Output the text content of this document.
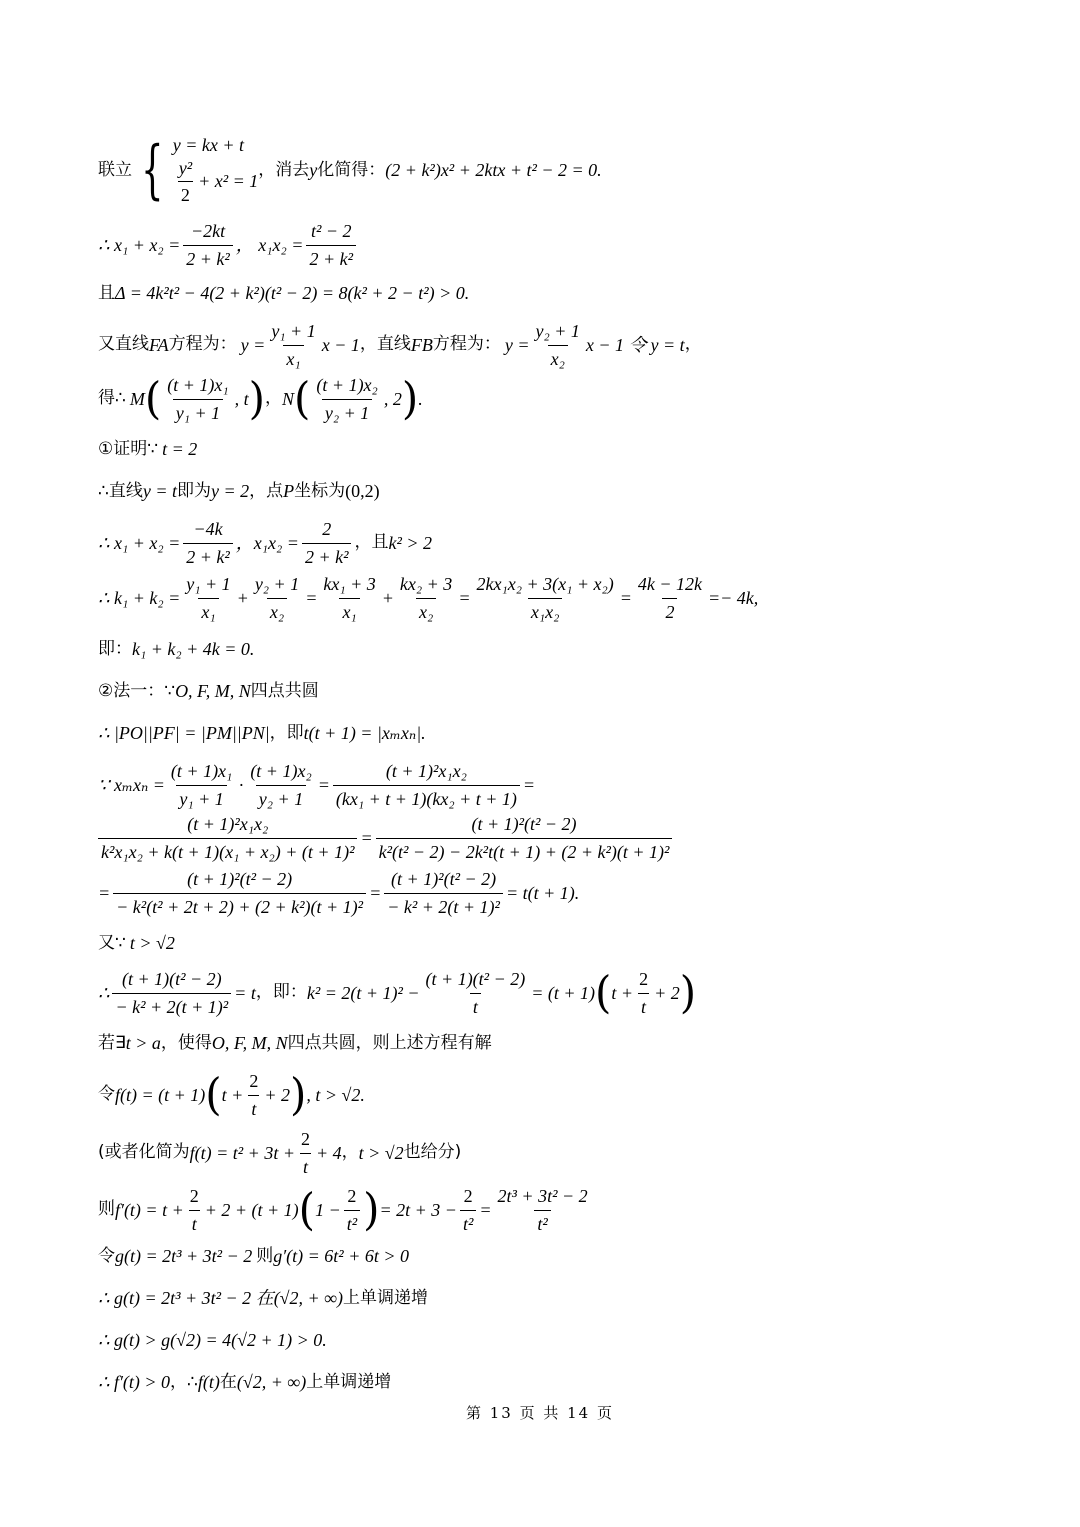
联立 { y = kx + t
$\frac{\text{y²}}{2} + x^2 = 1$
，消去 y 化简得： (2 + k²)x² + 2ktx + t² − 2 = 0.
∴ $x_1 + x_2 = \frac{-2kt}{\text{2 + k²}}$ ， $x_1x_2 = \frac{\text{t² − 2}}{\text{2 + k²}}$
且 Δ = 4k²t² − 4(2 + k²)(t² − 2) = 8(k² + 2 − t²) > 0.
又直线 FA 方程为： $y = \frac{\text{y₁ + 1}}{\text{x₁}}$ x − 1 ，直线 FB 方程为： $y = \frac{\text{y₂ + 1}}{\text{x₂}}$ x − 1 令 y = t ，
得∴ M ( $\frac{\text{(t + 1)x₁}}{\text{y₁ + 1}}$ , t ) ， N ( $\frac{\text{(t + 1)x₂}}{\text{y₂ + 1}}$ , 2 ) .
①证明∵ t = 2
∴直线 y = t 即为 y = 2 ，点 P 坐标为 (0,2)
∴ $x_1 + x_2 = \frac{-4k}{\text{2 + k²}}$ ，$x_1x_2 = \frac{2}{\text{2 + k²}}$ ，且 k² > 2
∴ $k_1 + k_2 = \frac{\text{y₁ + 1}}{\text{x₁}} + \frac{\text{y₂ + 1}}{\text{x₂}} = \frac{\text{kx₁ + 3}}{\text{x₁}} + \frac{\text{kx₂ + 3}}{\text{x₂}} = \frac{\text{2kx₁x₂ + 3(x₁ + x₂)}}{\text{x₁x₂}} = \frac{4k - 12k}{2} =- 4k$,
即： k₁ + k₂ + 4k = 0.
②法一：∵ O, F, M, N 四点共圆
∴ |PO||PF| = |PM||PN| ，即 t(t + 1) = |xₘxₙ|.
∵ $x_mx_n = \frac{\text{(t + 1)x₁}}{\text{y₁ + 1}} \cdot \frac{\text{(t + 1)x₂}}{\text{y₂ + 1}} = \frac{\text{(t + 1)²x₁x₂}}{\text{(kx₁ + t + 1)(kx₂ + t + 1)}}$ =
$\frac{\text{(t + 1)²x₁x₂}}{\text{k²x₁x₂ + k(t + 1)(x₁ + x₂) + (t + 1)²}} = \frac{\text{(t + 1)²(t² − 2)}}{\text{k²(t² − 2) − 2k²t(t + 1) + (2 + k²)(t + 1)²}}$
= $\frac{\text{(t + 1)²(t² − 2)}}{\text{− k²(t² + 2t + 2) + (2 + k²)(t + 1)²}} = \frac{\text{(t + 1)²(t² − 2)}}{\text{− k² + 2(t + 1)²}} = t(t + 1)$.
又∵ t > √2
∴ $\frac{\text{(t + 1)(t² − 2)}}{\text{− k² + 2(t + 1)²}} = t$ ，即： $k^2 = 2(t + 1)^2 - \frac{\text{(t + 1)(t² − 2)}}{t} = (t + 1)$ ( $t + \frac{2}{t} + 2$ )
若∃ t > a ，使得 O, F, M, N 四点共圆，则上述方程有解
令 f(t) = (t + 1) ( $t + \frac{2}{t} + 2$ ) , t > √2.
(或者化简为 $f(t) = t^2 + 3t + \frac{2}{t} + 4$ ， t > √2 也给分)
则 $f'(t) = t + \frac{2}{t} + 2 + (t + 1)$ ( $1 - \frac{2}{\text{t²}}$ ) = $2t + 3 - \frac{2}{\text{t²}} = \frac{\text{2t³ + 3t² − 2}}{\text{t²}}$
令 g(t) = 2t³ + 3t² − 2 则 g′(t) = 6t² + 6t > 0
∴ g(t) = 2t³ + 3t² − 2 在 (√2, + ∞) 上单调递增
∴ g(t) > g(√2) = 4(√2 + 1) > 0.
∴ f′(t) > 0 ，∴ f(t) 在 (√2, + ∞) 上单调递增
第 13 页 共 14 页
